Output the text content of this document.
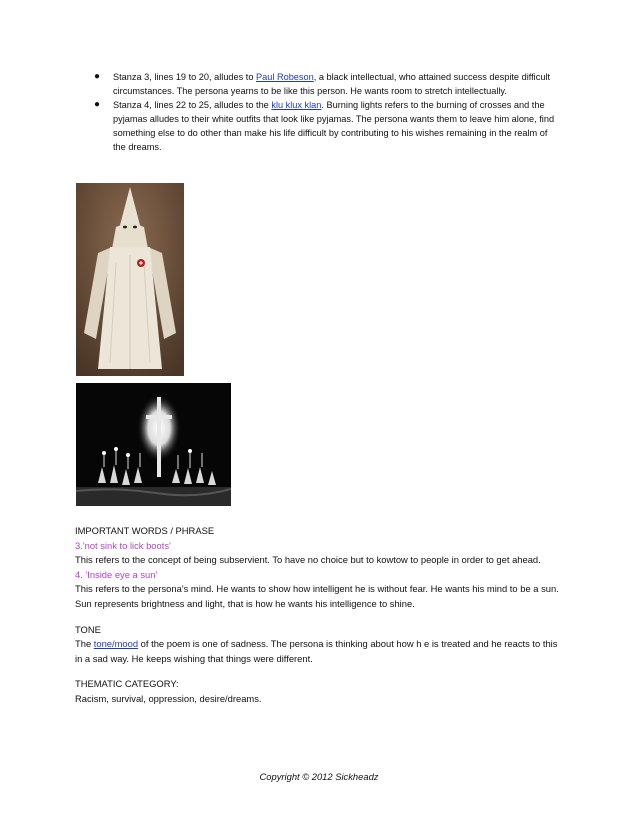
● Stanza 3, lines 19 to 20, alludes to Paul Robeson, a black intellectual, who attained success despite difficult circumstances. The persona yearns to be like this person. He wants room to stretch intellectually.
● Stanza 4, lines 22 to 25, alludes to the klu klux klan. Burning lights refers to the burning of crosses and the pyjamas alludes to their white outfits that look like pyjamas. The persona wants them to leave him alone, find something else to do other than make his life difficult by contributing to his wishes remaining in the realm of the dreams.

IMPORTANT WORDS / PHRASE

3.'not sink to lick boots'

This refers to the concept of being subservient. To have no choice but to kowtow to people in order to get ahead.

4. 'Inside eye a sun'

This refers to the persona's mind. He wants to show how intelligent he is without fear. He wants his mind to be a sun. Sun represents brightness and light, that is how he wants his intelligence to shine.

TONE

The tone/mood of the poem is one of sadness. The persona is thinking about how h e is treated and he reacts to this in a sad way. He keeps wishing that things were different.

THEMATIC CATEGORY:

Racism, survival, oppression, desire/dreams.

Copyright © 2012 Sickheadz
